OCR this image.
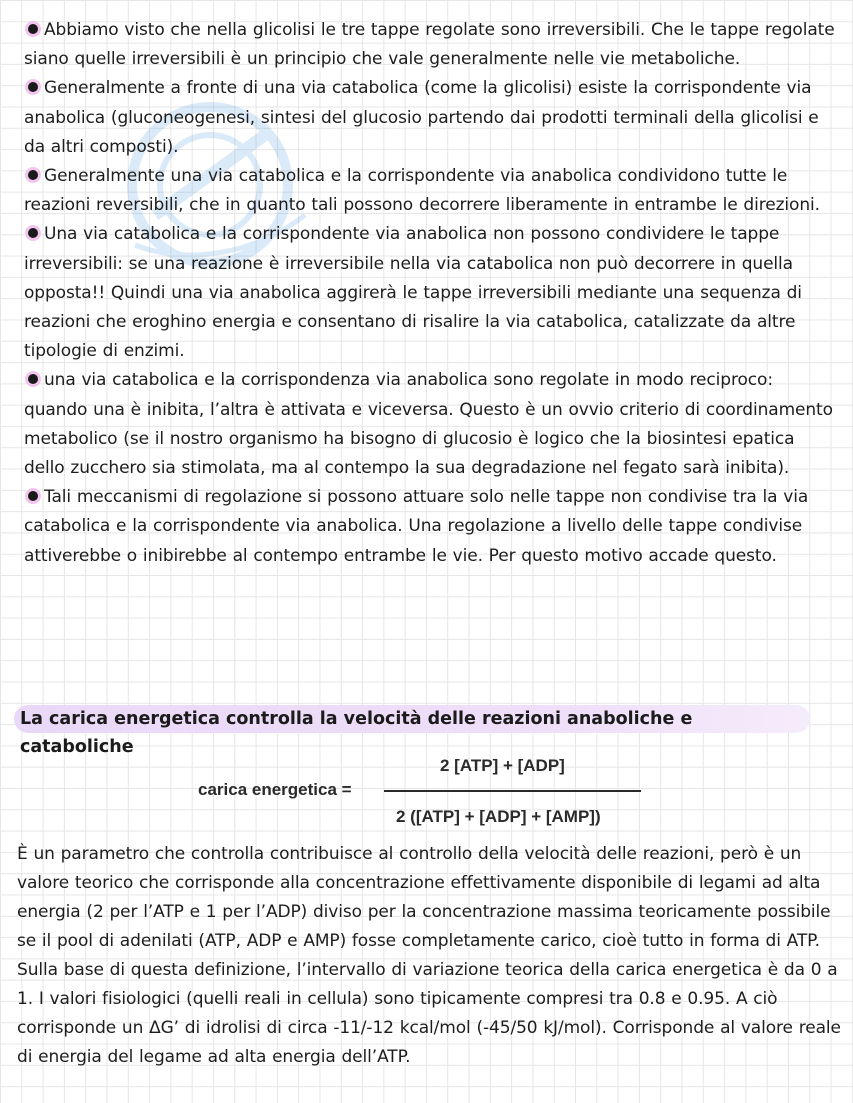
Abbiamo visto che nella glicolisi le tre tappe regolate sono irreversibili. Che le tappe regolate siano quelle irreversibili è un principio che vale generalmente nelle vie metaboliche.
Generalmente a fronte di una via catabolica (come la glicolisi) esiste la corrispondente via anabolica (gluconeogenesi, sintesi del glucosio partendo dai prodotti terminali della glicolisi e da altri composti).
Generalmente una via catabolica e la corrispondente via anabolica condividono tutte le reazioni reversibili, che in quanto tali possono decorrere liberamente in entrambe le direzioni.
Una via catabolica e la corrispondente via anabolica non possono condividere le tappe irreversibili: se una reazione è irreversibile nella via catabolica non può decorrere in quella opposta!! Quindi una via anabolica aggirerà le tappe irreversibili mediante una sequenza di reazioni che eroghino energia e consentano di risalire la via catabolica, catalizzate da altre tipologie di enzimi.
una via catabolica e la corrispondenza via anabolica sono regolate in modo reciproco: quando una è inibita, l’altra è attivata e viceversa. Questo è un ovvio criterio di coordinamento metabolico (se il nostro organismo ha bisogno di glucosio è logico che la biosintesi epatica dello zucchero sia stimolata, ma al contempo la sua degradazione nel fegato sarà inibita).
Tali meccanismi di regolazione si possono attuare solo nelle tappe non condivise tra la via catabolica e la corrispondente via anabolica. Una regolazione a livello delle tappe condivise attiverebbe o inibirebbe al contempo entrambe le vie. Per questo motivo accade questo.
La carica energetica controlla la velocità delle reazioni anaboliche e cataboliche
carica energetica =
2 [ATP] + [ADP]
2 ([ATP] + [ADP] + [AMP])
È un parametro che controlla contribuisce al controllo della velocità delle reazioni, però è un valore teorico che corrisponde alla concentrazione effettivamente disponibile di legami ad alta energia (2 per l’ATP e 1 per l’ADP) diviso per la concentrazione massima teoricamente possibile se il pool di adenilati (ATP, ADP e AMP) fosse completamente carico, cioè tutto in forma di ATP. Sulla base di questa definizione, l’intervallo di variazione teorica della carica energetica è da 0 a 1. I valori fisiologici (quelli reali in cellula) sono tipicamente compresi tra 0.8 e 0.95. A ciò corrisponde un ΔG’ di idrolisi di circa -11/-12 kcal/mol (-45/50 kJ/mol). Corrisponde al valore reale di energia del legame ad alta energia dell’ATP.
